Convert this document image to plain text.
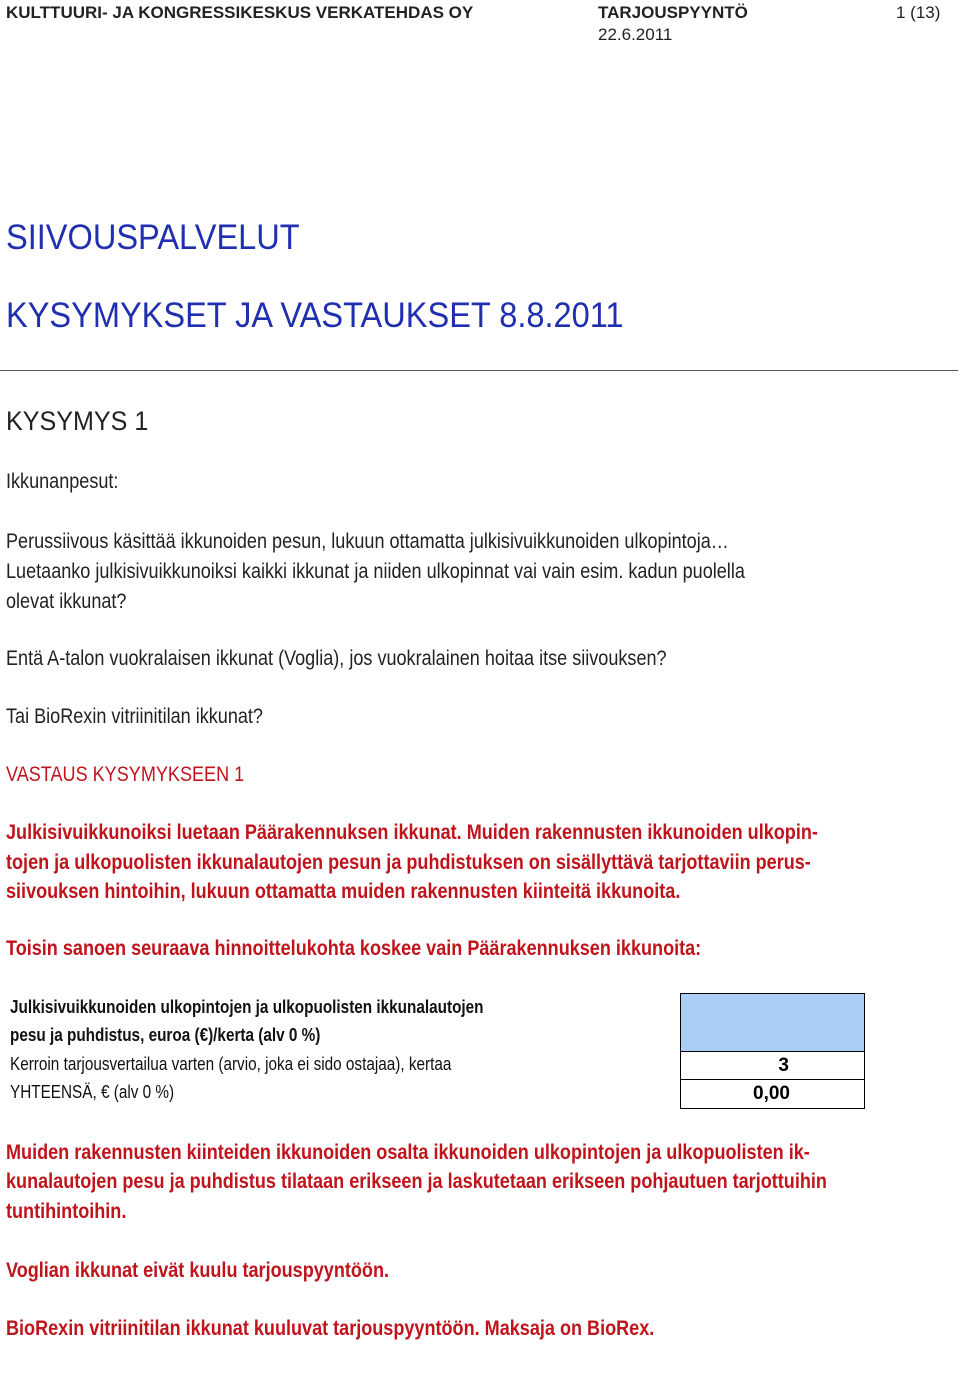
KULTTUURI- JA KONGRESSIKESKUS VERKATEHDAS OY	TARJOUSPYYNTÖ
22.6.2011
1 (13)
SIIVOUSPALVELUT
KYSYMYKSET JA VASTAUKSET 8.8.2011
KYSYMYS 1
Ikkunanpesut:
Perussiivous käsittää ikkunoiden pesun, lukuun ottamatta julkisivuikkunoiden ulkopintoja…
Luetaanko julkisivuikkunoiksi kaikki ikkunat ja niiden ulkopinnat vai vain esim. kadun puolella
olevat ikkunat?
Entä A-talon vuokralaisen ikkunat (Voglia), jos vuokralainen hoitaa itse siivouksen?
Tai BioRexin vitriinitilan ikkunat?
VASTAUS KYSYMYKSEEN 1
Julkisivuikkunoiksi luetaan Päärakennuksen ikkunat. Muiden rakennusten ikkunoiden ulkopin-
tojen ja ulkopuolisten ikkunalautojen pesun ja puhdistuksen on sisällyttävä tarjottaviin perus-
siivouksen hintoihin, lukuun ottamatta muiden rakennusten kiinteitä ikkunoita.
Toisin sanoen seuraava hinnoittelukohta koskee vain Päärakennuksen ikkunoita:
Julkisivuikkunoiden ulkopintojen ja ulkopuolisten ikkunalautojen
pesu ja puhdistus, euroa (€)/kerta (alv 0 %)
Kerroin tarjousvertailua varten (arvio, joka ei sido ostajaa), kertaa
YHTEENSÄ, € (alv 0 %)
3
0,00
Muiden rakennusten kiinteiden ikkunoiden osalta ikkunoiden ulkopintojen ja ulkopuolisten ik-
kunalautojen pesu ja puhdistus tilataan erikseen ja laskutetaan erikseen pohjautuen tarjottuihin
tuntihintoihin.
Voglian ikkunat eivät kuulu tarjouspyyntöön.
BioRexin vitriinitilan ikkunat kuuluvat tarjouspyyntöön. Maksaja on BioRex.
